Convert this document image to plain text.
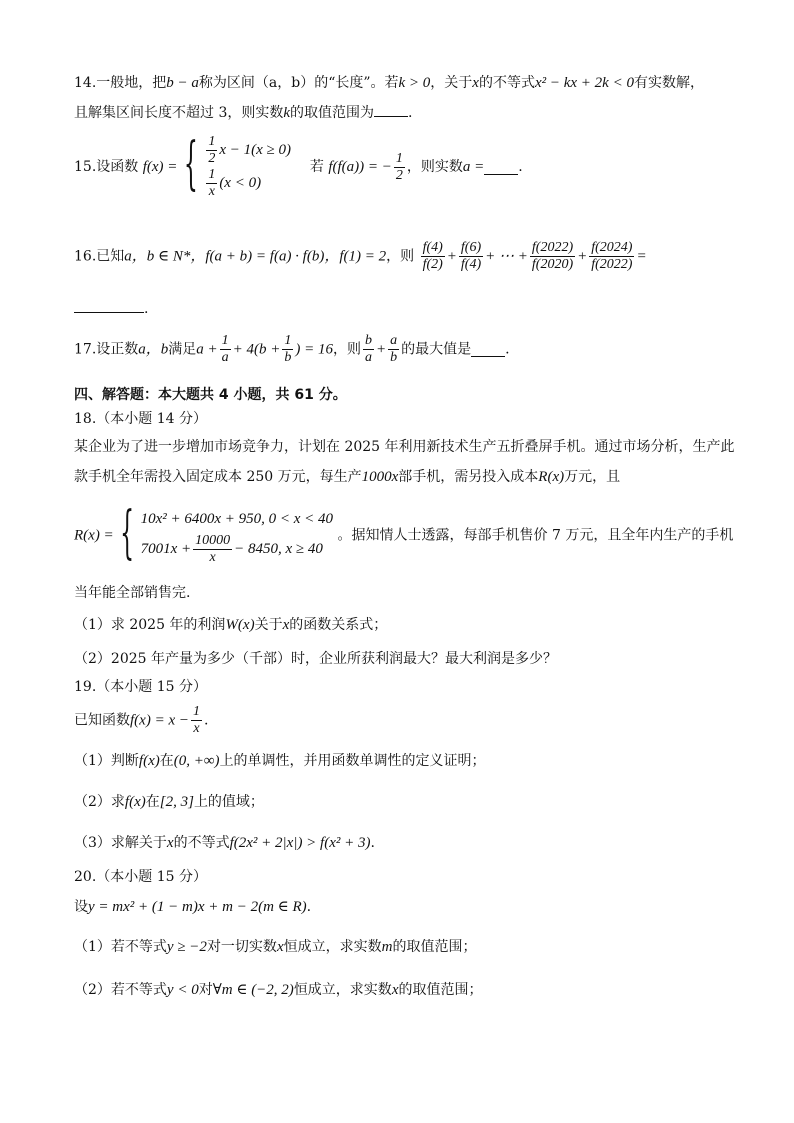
14.一般地，把b − a称为区间（a，b）的“长度”。若k > 0，关于x的不等式x² − kx + 2k < 0有实数解，
且解集区间长度不超过 3，则实数k的取值范围为 .
15.设函数 f(x) = { $\frac{1}{2}$ x − 1(x ≥ 0)
$\frac{1}{x} (x < 0)$
若 f(f(a)) = − $\frac{1}{2}$ ，则实数a = .
16.已知a，b ∈ N*，f(a + b) = f(a) · f(b)，f(1) = 2，则 $\frac{f(4)}{f(2)} + \frac{f(6)}{f(4)}$ + ⋯ + $\frac{f(2022)}{f(2020)} + \frac{f(2024)}{f(2022)}$ =
.
17.设正数a，b满足$a + \frac{1}{a} + 4(b + \frac{1}{b}$ ) = 16，则 $\frac{b}{a} + \frac{a}{b}$ 的最大值是 .
四、解答题：本大题共 4 小题，共 61 分。
18.（本小题 14 分）
某企业为了进一步增加市场竞争力，计划在 2025 年利用新技术生产五折叠屏手机。通过市场分析，生产此
款手机全年需投入固定成本 250 万元，每生产1000x部手机，需另投入成本R(x)万元，且
R(x) = { 10x² + 6400x + 950, 0 < x < 40
$7001x + \frac{10000}{x} - 8450$, x ≥ 40
。据知情人士透露，每部手机售价 7 万元，且全年内生产的手机
当年能全部销售完.
（1）求 2025 年的利润W(x)关于x的函数关系式；
（2）2025 年产量为多少（千部）时，企业所获利润最大？最大利润是多少？
19.（本小题 15 分）
已知函数$f(x) = x - \frac{1}{x}$ .
（1）判断f(x)在(0, +∞)上的单调性，并用函数单调性的定义证明；
（2）求f(x)在[2, 3]上的值域；
（3）求解关于x的不等式f(2x² + 2|x|) > f(x² + 3).
20.（本小题 15 分）
设y = mx² + (1 − m)x + m − 2(m ∈ R).
（1）若不等式y ≥ −2对一切实数x恒成立，求实数m的取值范围；
（2）若不等式y < 0对∀m ∈ (−2, 2)恒成立，求实数x的取值范围；
